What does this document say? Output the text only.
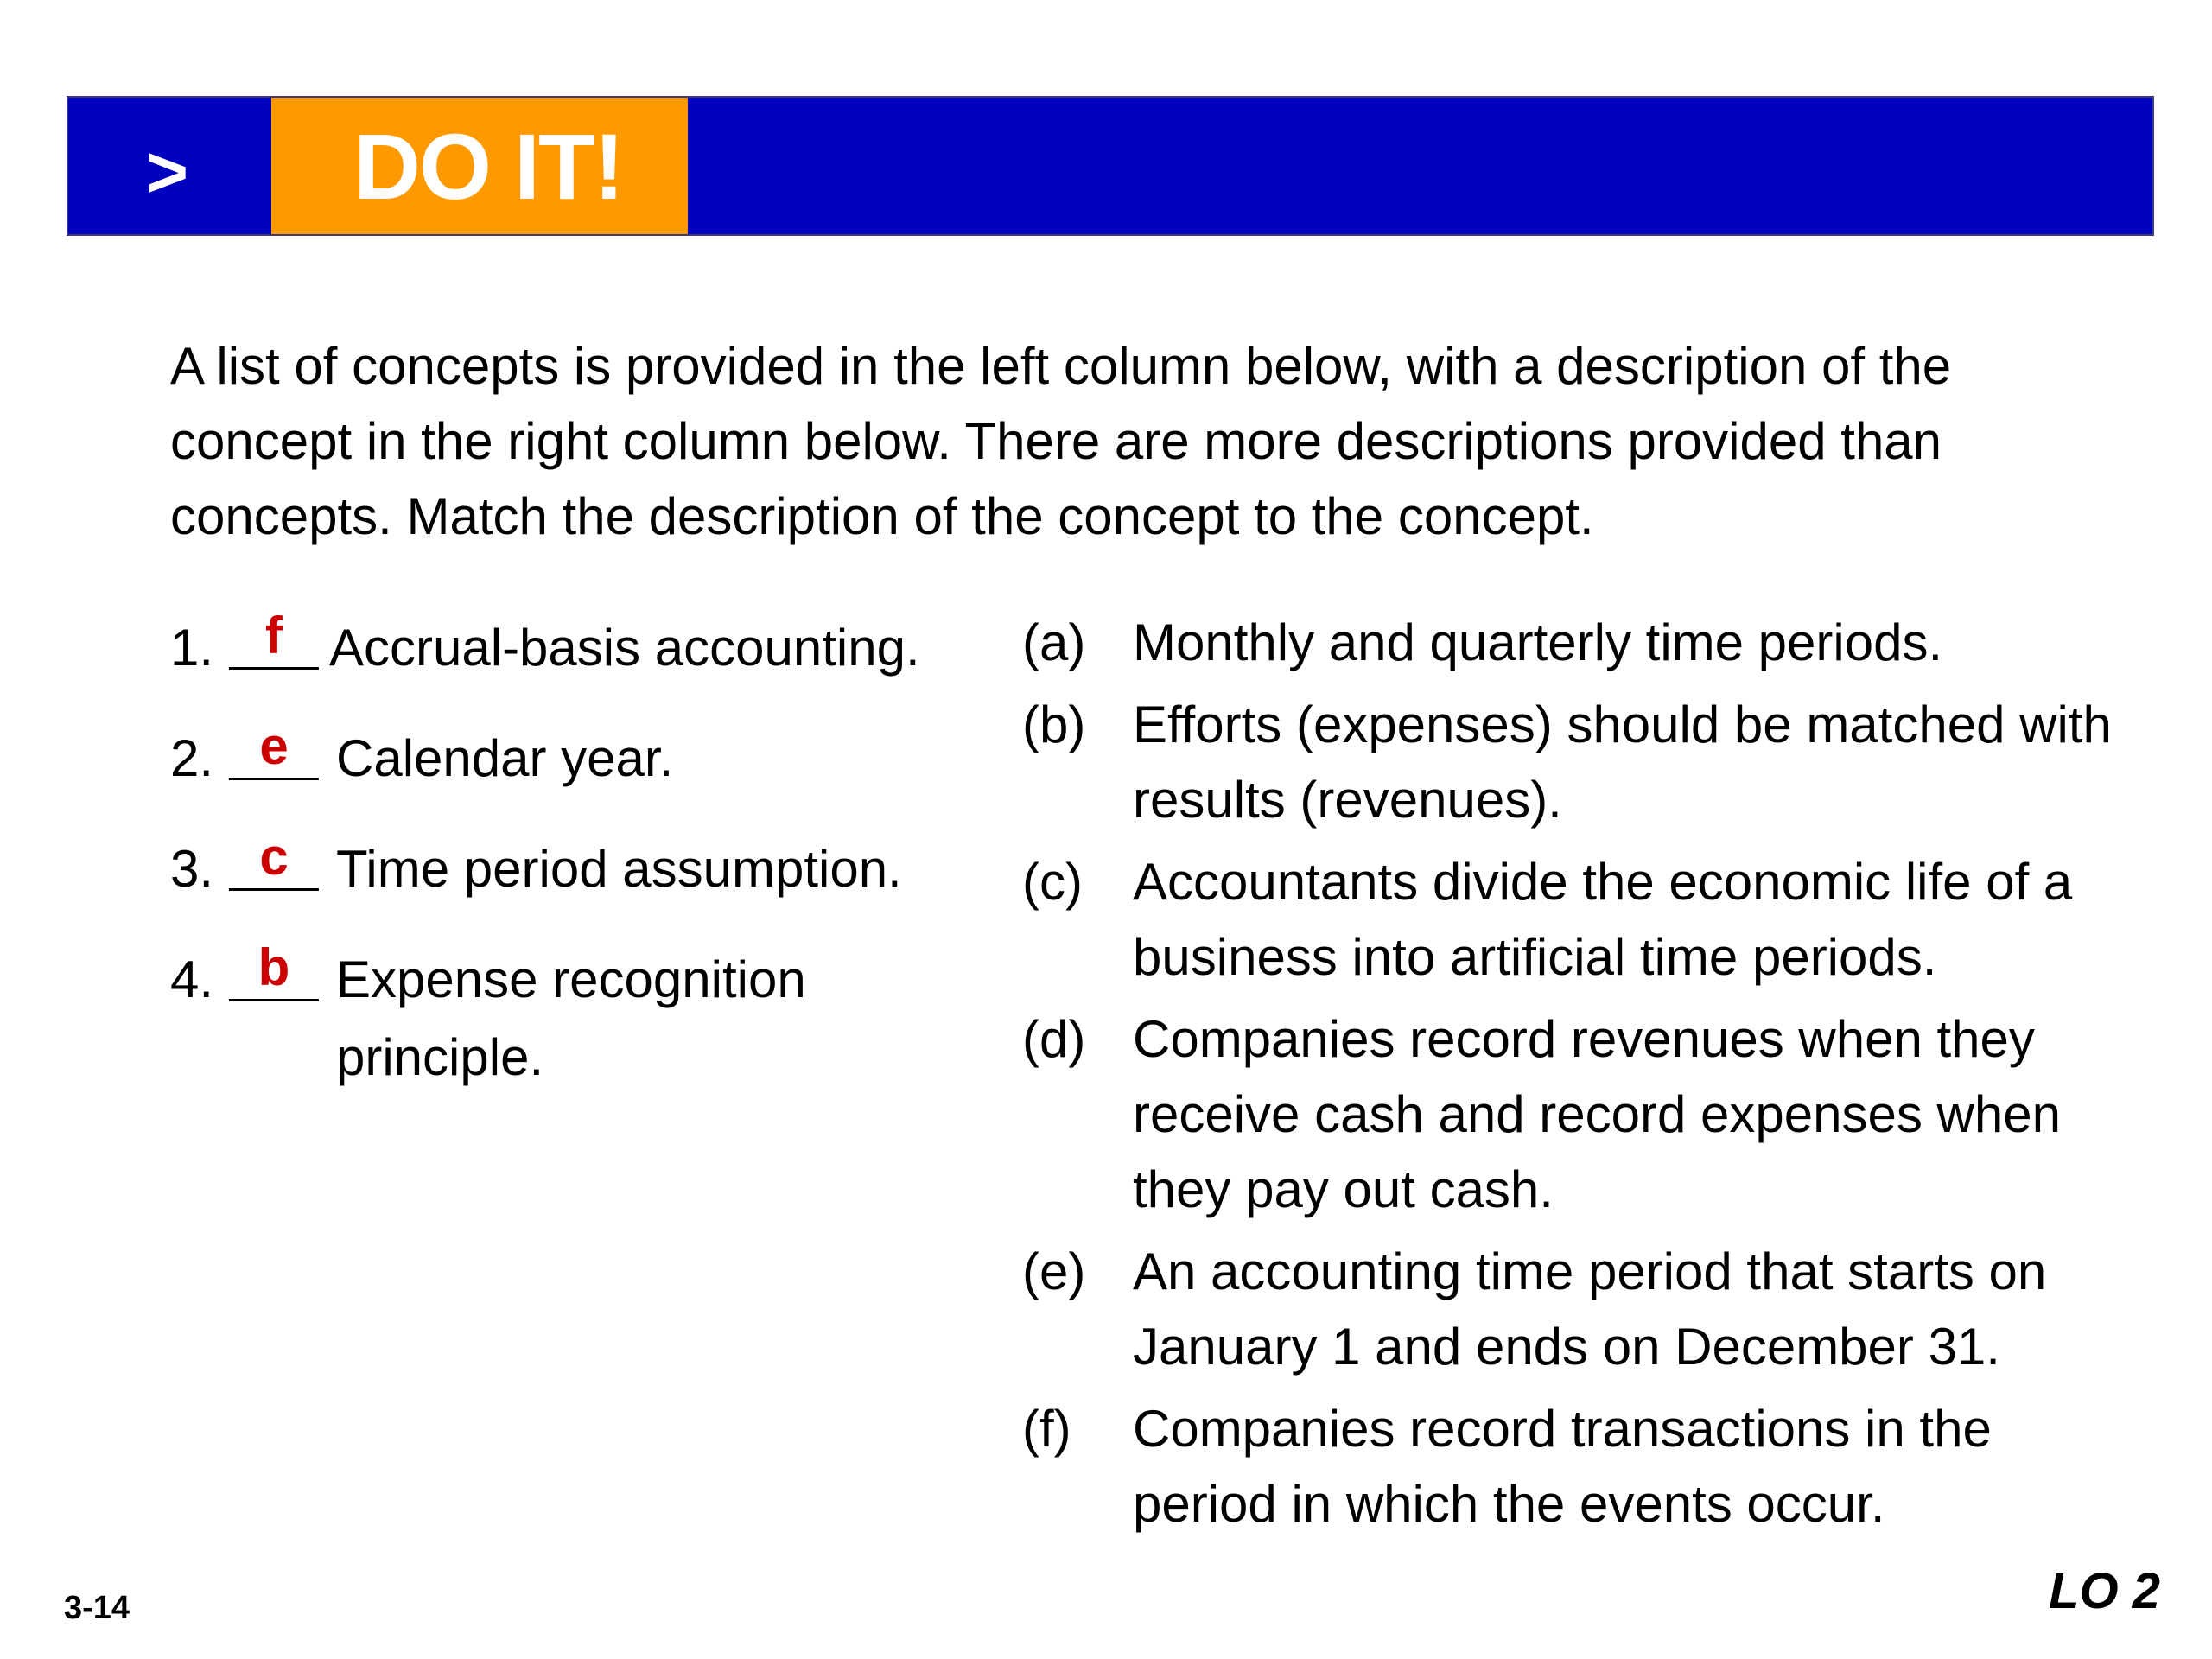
> DO IT!

A list of concepts is provided in the left column below, with a description of the concept in the right column below. There are more descriptions provided than concepts. Match the description of the concept to the concept.

1. f Accrual-basis accounting.
2. e Calendar year.
3. c Time period assumption.
4. b Expense recognition principle.
(a) Monthly and quarterly time periods.
(b) Efforts (expenses) should be matched with results (revenues).
(c) Accountants divide the economic life of a business into artificial time periods.
(d) Companies record revenues when they receive cash and record expenses when they pay out cash.
(e) An accounting time period that starts on January 1 and ends on December 31.
(f)	Companies record transactions in the period in which the events occur.
3-14	LO 2
